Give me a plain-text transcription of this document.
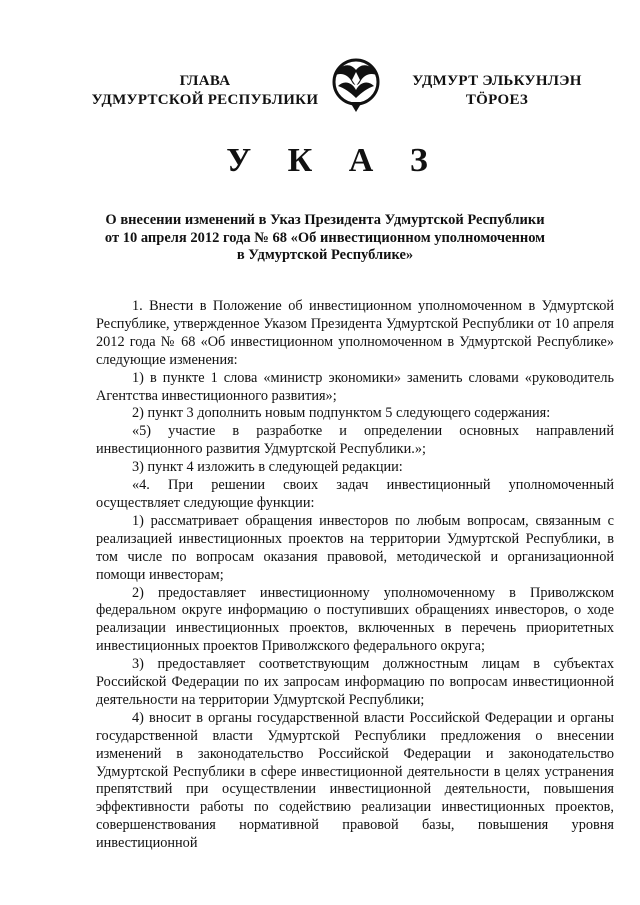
ГЛАВА
УДМУРТСКОЙ РЕСПУБЛИКИ
УДМУРТ ЭЛЬКУНЛЭН
ТӦРОЕЗ
У К А З
О внесении изменений в Указ Президента Удмуртской Республики
от 10 апреля 2012 года № 68 «Об инвестиционном уполномоченном
в Удмуртской Республике»

1. Внести в Положение об инвестиционном уполномоченном в Удмуртской Республике, утвержденное Указом Президента Удмуртской Республики от 10 апреля 2012 года № 68 «Об инвестиционном уполномоченном в Удмуртской Республике» следующие изменения:

1) в пункте 1 слова «министр экономики» заменить словами «руководитель Агентства инвестиционного развития»;

2) пункт 3 дополнить новым подпунктом 5 следующего содержания:

«5) участие в разработке и определении основных направлений инвестиционного развития Удмуртской Республики.»;

3) пункт 4 изложить в следующей редакции:

«4. При решении своих задач инвестиционный уполномоченный осуществляет следующие функции:

1) рассматривает обращения инвесторов по любым вопросам, связанным с реализацией инвестиционных проектов на территории Удмуртской Республики, в том числе по вопросам оказания правовой, методической и организационной помощи инвесторам;

2) предоставляет инвестиционному уполномоченному в Приволжском федеральном округе информацию о поступивших обращениях инвесторов, о ходе реализации инвестиционных проектов, включенных в перечень приоритетных инвестиционных проектов Приволжского федерального округа;

3) предоставляет соответствующим должностным лицам в субъектах Российской Федерации по их запросам информацию по вопросам инвестиционной деятельности на территории Удмуртской Республики;

4) вносит в органы государственной власти Российской Федерации и органы государственной власти Удмуртской Республики предложения о внесении изменений в законодательство Российской Федерации и законодательство Удмуртской Республики в сфере инвестиционной деятельности в целях устранения препятствий при осуществлении инвестиционной деятельности, повышения эффективности работы по содействию реализации инвестиционных проектов, совершенствования нормативной правовой базы, повышения уровня инвестиционной
